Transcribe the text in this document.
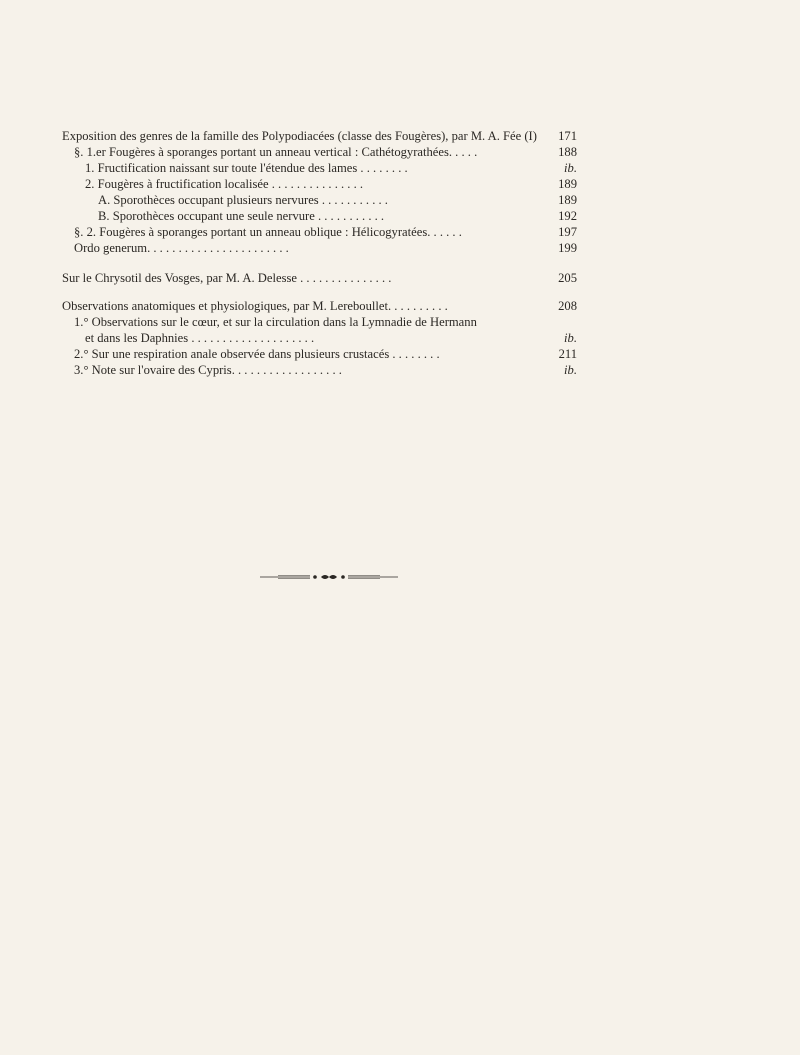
Exposition des genres de la famille des Polypodiacées (classe des Fougères), par M. A. Fée (I)	171
§. 1.er Fougères à sporanges portant un anneau vertical : Cathétogyrathées. . . . .	188
1. Fructification naissant sur toute l'étendue des lames . . . . . . . .	ib.
2. Fougères à fructification localisée . . . . . . . . . . . . . . .	189
A. Sporothèces occupant plusieurs nervures . . . . . . . . . . .	189
B. Sporothèces occupant une seule nervure . . . . . . . . . . .	192
§. 2. Fougères à sporanges portant un anneau oblique : Hélicogyratées. . . . . .	197
Ordo generum. . . . . . . . . . . . . . . . . . . . . . .	199
Sur le Chrysotil des Vosges, par M. A. Delesse . . . . . . . . . . . . . . .	205
Observations anatomiques et physiologiques, par M. Lereboullet. . . . . . . . . .	208
1.° Observations sur le cœur, et sur la circulation dans la Lymnadie de Hermann
et dans les Daphnies . . . . . . . . . . . . . . . . . . . .	ib.
2.° Sur une respiration anale observée dans plusieurs crustacés . . . . . . . .	211
3.° Note sur l'ovaire des Cypris. . . . . . . . . . . . . . . . . .	ib.
